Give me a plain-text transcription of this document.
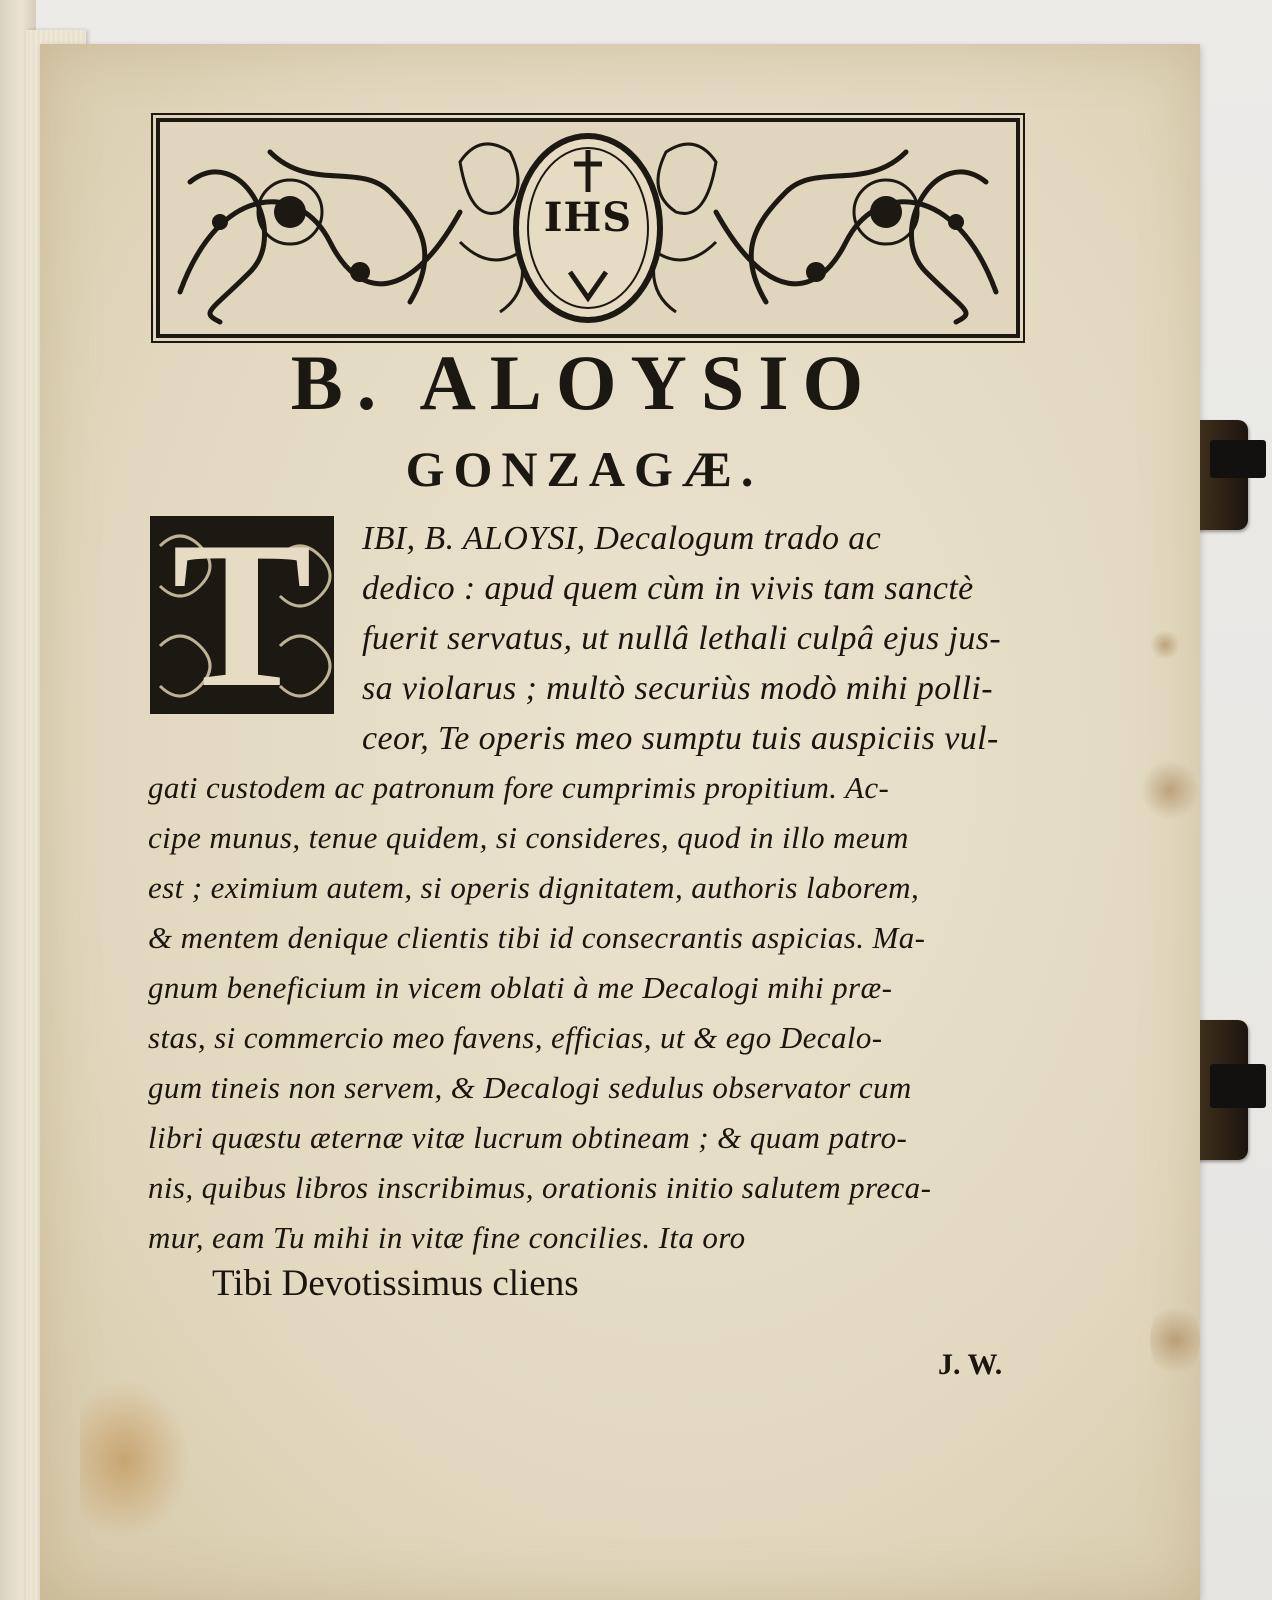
IHS
B. ALOYSIO
GONZAGÆ.
T	IBI, B. ALOYSI, Decalogum trado ac
dedico : apud quem cùm in vivis tam sanctè
fuerit servatus, ut nullâ lethali culpâ ejus jus-
sa violarus ; multò securiùs modò mihi polli-
ceor, Te operis meo sumptu tuis auspiciis vul-
gati custodem ac patronum fore cumprimis propitium. Ac-
cipe munus, tenue quidem, si consideres, quod in illo meum
est ; eximium autem, si operis dignitatem, authoris laborem,
& mentem denique clientis tibi id consecrantis aspicias. Ma-
gnum beneficium in vicem oblati à me Decalogi mihi præ-
stas, si commercio meo favens, efficias, ut & ego Decalo-
gum tineis non servem, & Decalogi sedulus observator cum
libri quæstu æternæ vitæ lucrum obtineam ; & quam patro-
nis, quibus libros inscribimus, orationis initio salutem preca-
mur, eam Tu mihi in vitæ fine concilies. Ita oro
Tibi Devotissimus cliens
J. W.
